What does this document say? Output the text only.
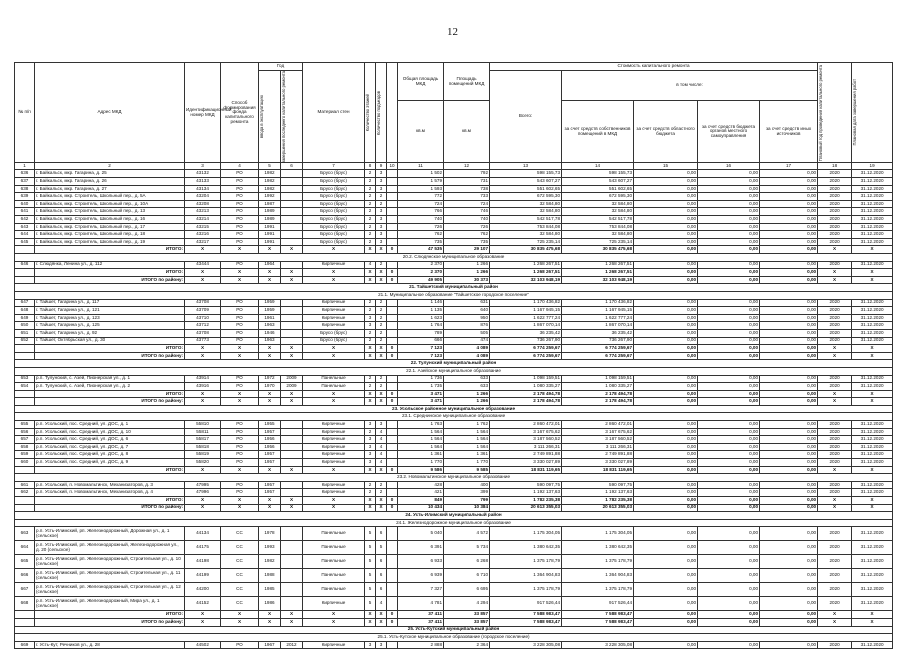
12
№ п/п	Адрес МКД	Идентификационный номер МКД	Способ формирования фонда капитального ремонта	Год		Материал стен	Количество этажей	Количество подъездов		Общая площадь МКД	Площадь помещений МКД	Стоимость капитального ремонта					Плановый год проведения капитального ремонта	Плановая дата завершения работ

				ввода в эксплуатацию	завершения последнего капитального ремонта							Всего:	в том числе:					
										кв.м	кв.м		за счет средств собственников помещений в МКД	за счет средств областного бюджета	за счет средств бюджета органов местного самоуправления	за счет средств иных источников		
1	2	3	4	5	6	7	8	9	10	11	12	13	14	15	16	17	18	19
636	г. Байкальск, мкр. Гагарина, д. 25	43132	РО	1982		Брусо (брус)	2	3		1 502	792	598 155,73	598 155,73	0,00	0,00	0,00	2020	31.12.2020
637	г. Байкальск, мкр. Гагарина, д. 26	43133	РО	1982		Брусо (брус)	2	3		1 579	731	543 607,27	543 607,27	0,00	0,00	0,00	2020	31.12.2020
638	г. Байкальск, мкр. Гагарина, д. 27	43134	РО	1982		Брусо (брус)	2	3		1 593	738	551 602,65	551 602,65	0,00	0,00	0,00	2020	31.12.2020
639	г. Байкальск, мкр. Строитель, Школьный пер., д. 5А	43204	РО	1992		Брусо (брус)	2	2		772	733	672 595,30	672 595,30	0,00	0,00	0,00	2020	31.12.2020
640	г. Байкальск, мкр. Строитель, Школьный пер., д. 10А	43208	РО	1987		Брусо (брус)	2	2		724	724	32 584,80	32 584,80	0,00	0,00	0,00	2020	31.12.2020
641	г. Байкальск, мкр. Строитель, Школьный пер., д. 13	43213	РО	1989		Брусо (брус)	2	3		766	746	32 584,80	32 584,80	0,00	0,00	0,00	2020	31.12.2020
642	г. Байкальск, мкр. Строитель, Школьный пер., д. 16	43214	РО	1989		Брусо (брус)	2	3		740	740	542 517,78	542 517,78	0,00	0,00	0,00	2020	31.12.2020
643	г. Байкальск, мкр. Строитель, Школьный пер., д. 17	43215	РО	1991		Брусо (брус)	2	3		726	726	753 844,08	753 844,08	0,00	0,00	0,00	2020	31.12.2020
644	г. Байкальск, мкр. Строитель, Школьный пер., д. 18	43216	РО	1991		Брусо (брус)	2	3		762	762	32 584,80	32 584,80	0,00	0,00	0,00	2020	31.12.2020
645	г. Байкальск, мкр. Строитель, Школьный пер., д. 19	43217	РО	1991		Брусо (брус)	2	3		735	735	725 235,14	725 235,14	0,00	0,00	0,00	2020	31.12.2020
	ИТОГО:	X	X	X	X	X	X	X	0	47 535	29 107	30 835 475,68	30 835 475,68	0,00	0,00	0,00	X	X
20.2. Слюдянское муниципальное образование																		
646	г. Слюдянка, Ленина ул., д. 112	43444	РО	1964		Кирпичные	4	2		2 370	1 266	1 268 267,51	1 268 267,51	0,00	0,00	0,00	2020	31.12.2020
	ИТОГО:	X	X	X	X	X	X	X	0	2 370	1 266	1 268 267,51	1 268 267,51	0,00	0,00	0,00	X	X
	ИТОГО по району:	X	X	X	X	X	X	X	0	49 905	30 373	32 103 948,19	32 103 948,19	0,00	0,00	0,00	X	X
21. Тайшетский муниципальный район																		
21.1. Муниципальное образование "Тайшетское городское поселение"																		
647	г. Тайшет, Гагарина ул., д. 117	43708	РО	1959		Кирпичные	2	2		1 146	631	1 170 436,82	1 170 436,82	0,00	0,00	0,00	2020	31.12.2020
648	г. Тайшет, Гагарина ул., д. 121	43709	РО	1959		Кирпичные	2	2		1 135	640	1 167 945,15	1 167 945,15	0,00	0,00	0,00	2020	31.12.2020
649	г. Тайшет, Гагарина ул., д. 123	43710	РО	1961		Кирпичные	3	2		1 623	950	1 622 777,24	1 622 777,24	0,00	0,00	0,00	2020	31.12.2020
650	г. Тайшет, Гагарина ул., д. 125	43712	РО	1963		Кирпичные	3	2		1 764	876	1 867 070,14	1 867 070,14	0,00	0,00	0,00	2020	31.12.2020
651	г. Тайшет, Гагарина ул., д. 92	43708	РО	1946		Брусо (брус)	2	2		789	505	36 235,42	36 235,42	0,00	0,00	0,00	2020	31.12.2020
652	г. Тайшет, Октябрьская ул., д. 30	43773	РО	1963		Брусо (брус)	2	2		666	474	736 267,90	736 267,90	0,00	0,00	0,00	2020	31.12.2020
	ИТОГО:	X	X	X	X	X	X	X	0	7 123	4 089	6 774 259,67	6 774 259,67	0,00	0,00	0,00	X	X
	ИТОГО по району:	X	X	X	X	X	X	X	0	7 123	4 089	6 774 259,67	6 774 259,67	0,00	0,00	0,00	X	X
22. Тулунский муниципальный район																		
22.1. Азейское муниципальное образование																		
653	р.п. Тулунский, с. Азей, Пионерская ул., д. 1	43914	РО	1972	2009	Панельные	2	2		1 736	633	1 098 159,51	1 098 159,51	0,00	0,00	0,00	2020	31.12.2020
654	р.п. Тулунский, с. Азей, Пионерская ул., д. 2	43916	РО	1970	2009	Панельные	2	2		1 735	633	1 080 335,27	1 080 335,27	0,00	0,00	0,00	2020	31.12.2020
	ИТОГО:	X	X	X	X	X	X	X	0	3 471	1 266	2 178 494,78	2 178 494,78	0,00	0,00	0,00	X	X
	ИТОГО по району:	X	X	X	X	X	X	X	0	3 471	1 266	2 178 494,78	2 178 494,78	0,00	0,00	0,00	X	X
23. Усольское районное муниципальное образование																		
23.1. Среднинское муниципальное образование																		
655	р.п. Усольский, пос. Средний, ул. ДОС, д. 1	55810	РО	1955		Кирпичные	3	3		1 763	1 762	2 860 472,01	2 860 472,01	0,00	0,00	0,00	2020	31.12.2020
656	р.п. Усольский, пос. Средний, ул. ДОС, д. 10	55811	РО	1957		Кирпичные	2	4		1 564	1 564	3 167 675,62	3 167 675,62	0,00	0,00	0,00	2020	31.12.2020
657	р.п. Усольский, пос. Средний, ул. ДОС, д. 6	55817	РО	1956		Кирпичные	3	4		1 564	1 564	3 187 560,52	3 187 560,52	0,00	0,00	0,00	2020	31.12.2020
658	р.п. Усольский, пос. Средний, ул. ДОС, д. 7	55818	РО	1956		Кирпичные	3	4		1 564	1 564	3 111 266,31	3 111 266,31	0,00	0,00	0,00	2020	31.12.2020
659	р.п. Усольский, пос. Средний, ул. ДОС, д. 8	55819	РО	1957		Кирпичные	3	4		1 361	1 361	2 749 891,88	2 749 891,88	0,00	0,00	0,00	2020	31.12.2020
660	р.п. Усольский, пос. Средний, ул. ДОС, д. 9	55820	РО	1957		Кирпичные	3	4		1 770	1 770	3 330 027,89	3 330 027,89	0,00	0,00	0,00	2020	31.12.2020
	ИТОГО:	X	X	X	X	X	X	X	0	9 586	9 585	18 831 119,65	18 831 119,65	0,00	0,00	0,00	X	X
23.2. Новомальтинское муниципальное образование																		
661	р.п. Усольский, п. Новомальтинск, Механизаторов, д. 3	47995	РО	1957		Кирпичные	2	2		428	400	590 097,75	590 097,75	0,00	0,00	0,00	2020	31.12.2020
662	р.п. Усольский, п. Новомальтинск, Механизаторов, д. 4	47996	РО	1957		Кирпичные	2	2		421	399	1 192 137,63	1 192 137,63	0,00	0,00	0,00	2020	31.12.2020
	ИТОГО:	X	X	X	X	X	X	X	0	849	799	1 782 235,38	1 782 235,38	0,00	0,00	0,00	X	X
	ИТОГО по району:	X	X	X	X	X	X	X	0	10 434	10 384	20 613 355,03	20 613 355,03	0,00	0,00	0,00	X	X
24. Усть-Илимский муниципальный район																		
24.1. Железнодорожное муниципальное образование																		
663	р.п. Усть-Илимский, рп. Железнодорожный, Дорожная ул., д. 1 (сельское)	44134	СС	1978		Панельные	5	6		5 040	4 572	1 175 304,05	1 175 304,05	0,00	0,00	0,00	2020	31.12.2020
664	р.п. Усть-Илимский, рп. Железнодорожный, Железнодорожная ул., д. 20 (сельское)	44175	СС	1993		Панельные	5	5		6 391	5 734	1 380 642,35	1 380 642,35	0,00	0,00	0,00	2020	31.12.2020
665	р.п. Усть-Илимский, рп. Железнодорожный, Строительная ул., д. 10 (сельское)	44198	СС	1982		Панельные	5	6		6 933	6 268	1 375 178,79	1 375 178,79	0,00	0,00	0,00	2020	31.12.2020
666	р.п. Усть-Илимский, рп. Железнодорожный, Строительная ул., д. 11 (сельское)	44199	СС	1988		Панельные	5	6		6 939	6 710	1 364 904,83	1 364 904,83	0,00	0,00	0,00	2020	31.12.2020
667	р.п. Усть-Илимский, рп. Железнодорожный, Строительная ул., д. 12 (сельское)	44200	СС	1985		Панельные	5	6		7 327	6 695	1 375 178,79	1 375 178,79	0,00	0,00	0,00	2020	31.12.2020
668	р.п. Усть-Илимский, рп. Железнодорожный, Мира ул., д. 1 (сельское)	44152	СС	1986		Кирпичные	5	4		4 781	4 294	917 526,44	917 526,44	0,00	0,00	0,00	2020	31.12.2020
	ИТОГО:	X	X	X	X	X	X	X	0	37 411	33 857	7 588 983,47	7 588 983,47	0,00	0,00	0,00	X	X
	ИТОГО по району:	X	X	X	X	X	X	X	0	37 411	33 857	7 588 983,47	7 588 983,47	0,00	0,00	0,00	X	X
25. Усть-Кутский муниципальный район																		
25.1. Усть-Кутское муниципальное образование (городское поселение)																		
669	г. Усть-Кут, Речников ул., д. 28	44502	РО	1967	2012	Кирпичные	3	3		2 888	2 364	3 228 305,08	3 228 305,08	0,00	0,00	0,00	2020	31.12.2020
